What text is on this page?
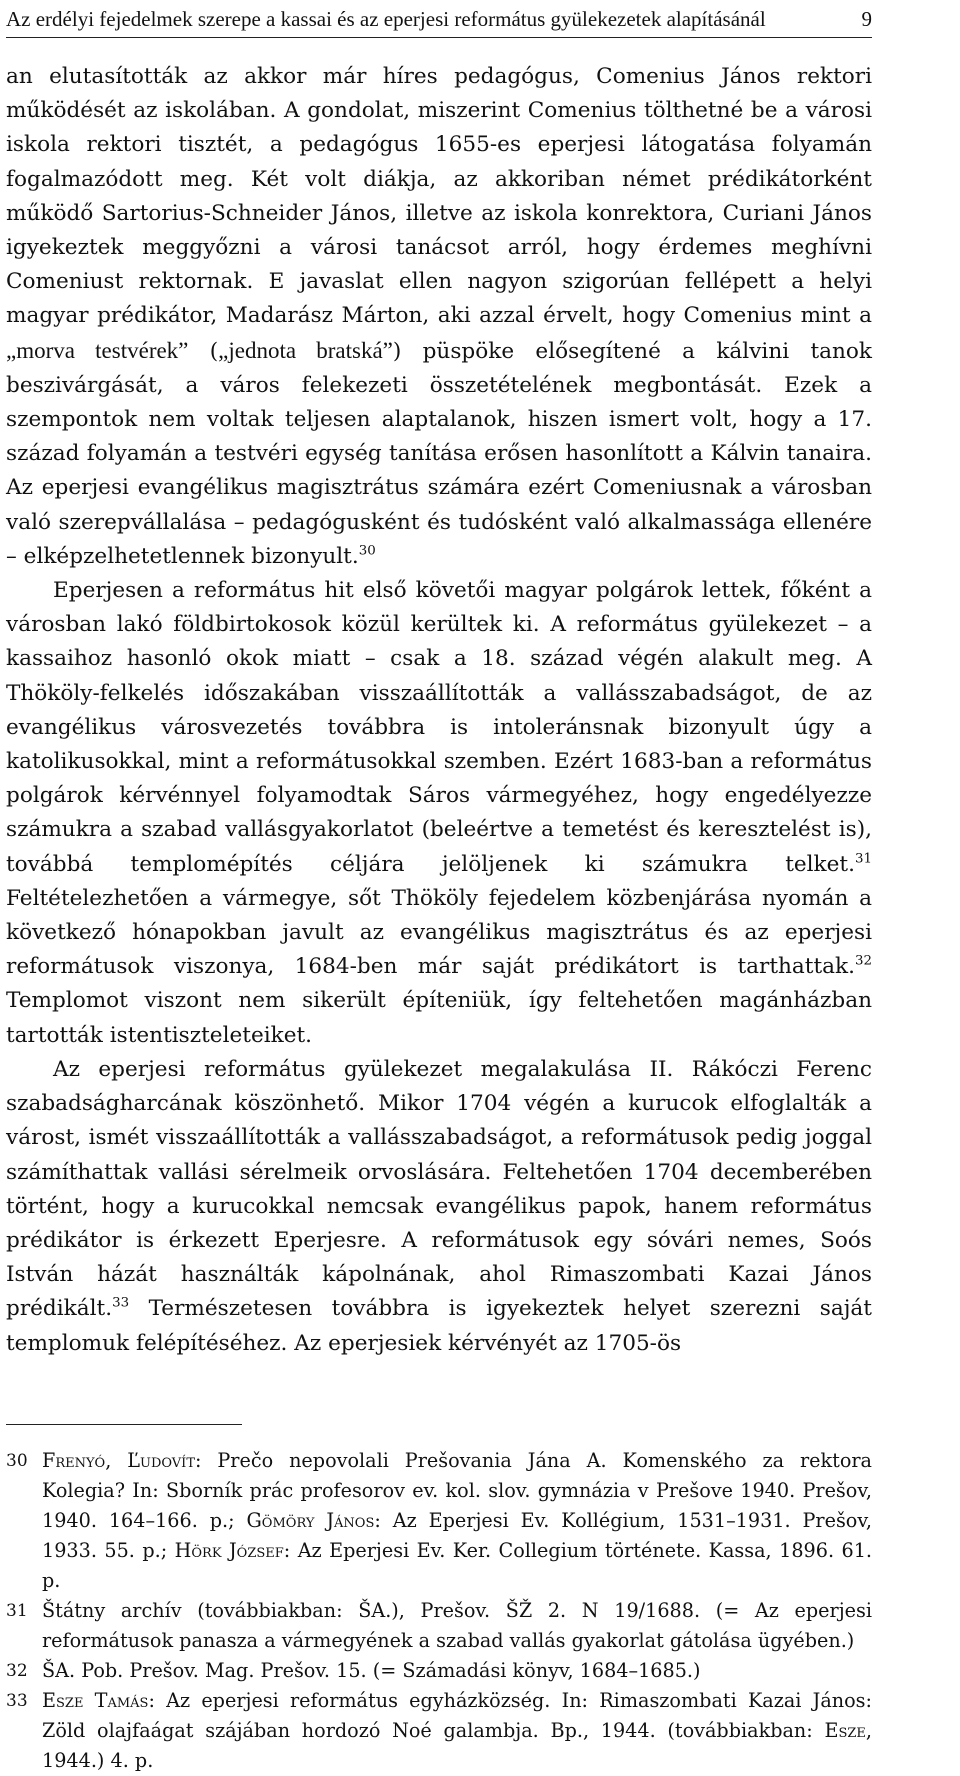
Az erdélyi fejedelmek szerepe a kassai és az eperjesi református gyülekezetek alapításánál	9

an elutasították az akkor már híres pedagógus, Comenius János rektori működését az iskolában. A gondolat, miszerint Comenius tölthetné be a városi iskola rektori tisztét, a pedagógus 1655-es eperjesi látogatása folyamán fogalmazódott meg. Két volt diákja, az akkoriban német prédikátorként működő Sartorius-Schneider János, illetve az iskola konrektora, Curiani János igyekeztek meggyőzni a városi tanácsot arról, hogy érdemes meghívni Comeniust rektornak. E javaslat ellen nagyon szigorúan fellépett a helyi magyar prédikátor, Madarász Márton, aki azzal érvelt, hogy Comenius mint a „morva testvérek” („jednota bratská”) püspöke elősegítené a kálvini tanok beszivárgását, a város felekezeti összetételének megbontását. Ezek a szempontok nem voltak teljesen alaptalanok, hiszen ismert volt, hogy a 17. század folyamán a testvéri egység tanítása erősen hasonlított a Kálvin tanaira. Az eperjesi evangélikus magisztrátus számára ezért Comeniusnak a városban való szerepvállalása – pedagógusként és tudósként való alkalmassága ellenére – elképzelhetetlennek bizonyult.$^{30}$

Eperjesen a református hit első követői magyar polgárok lettek, főként a városban lakó földbirtokosok közül kerültek ki. A református gyülekezet – a kassaihoz hasonló okok miatt – csak a 18. század végén alakult meg. A Thököly-felkelés időszakában visszaállították a vallásszabadságot, de az evangélikus városvezetés továbbra is intoleránsnak bizonyult úgy a katolikusokkal, mint a reformátusokkal szemben. Ezért 1683-ban a református polgárok kérvénnyel folyamodtak Sáros vármegyéhez, hogy engedélyezze számukra a szabad vallásgyakorlatot (beleértve a temetést és keresztelést is), továbbá templomépítés céljára jelöljenek ki számukra telket.$^{31}$ Feltételezhetően a vármegye, sőt Thököly fejedelem közbenjárása nyomán a következő hónapokban javult az evangélikus magisztrátus és az eperjesi reformátusok viszonya, 1684-ben már saját prédikátort is tarthattak.$^{32}$ Templomot viszont nem sikerült építeniük, így feltehetően magánházban tartották istentiszteleteiket.

Az eperjesi református gyülekezet megalakulása II. Rákóczi Ferenc szabadságharcának köszönhető. Mikor 1704 végén a kurucok elfoglalták a várost, ismét visszaállították a vallásszabadságot, a reformátusok pedig joggal számíthattak vallási sérelmeik orvoslására. Feltehetően 1704 decemberében történt, hogy a kurucokkal nemcsak evangélikus papok, hanem református prédikátor is érkezett Eperjesre. A reformátusok egy sóvári nemes, Soós István házát használták kápolnának, ahol Rimaszombati Kazai János prédikált.$^{33}$ Természetesen továbbra is igyekeztek helyet szerezni saját templomuk felépítéséhez. Az eperjesiek kérvényét az 1705-ös

30 Frenyó, Ľudovít: Prečo nepovolali Prešovania Jána A. Komenského za rektora Kolegia? In: Sborník prác profesorov ev. kol. slov. gymnázia v Prešove 1940. Prešov, 1940. 164–166. p.; Gömöry János: Az Eperjesi Ev. Kollégium, 1531–1931. Prešov, 1933. 55. p.; Hörk József: Az Eperjesi Ev. Ker. Collegium története. Kassa, 1896. 61. p.
31 Štátny archív (továbbiakban: ŠA.), Prešov. ŠŽ 2. N 19/1688. (= Az eperjesi reformátusok panasza a vármegyének a szabad vallás gyakorlat gátolása ügyében.)
32 ŠA. Pob. Prešov. Mag. Prešov. 15. (= Számadási könyv, 1684–1685.)
33 Esze Tamás: Az eperjesi református egyházközség. In: Rimaszombati Kazai János: Zöld olajfaágat szájában hordozó Noé galambja. Bp., 1944. (továbbiakban: Esze, 1944.) 4. p.
